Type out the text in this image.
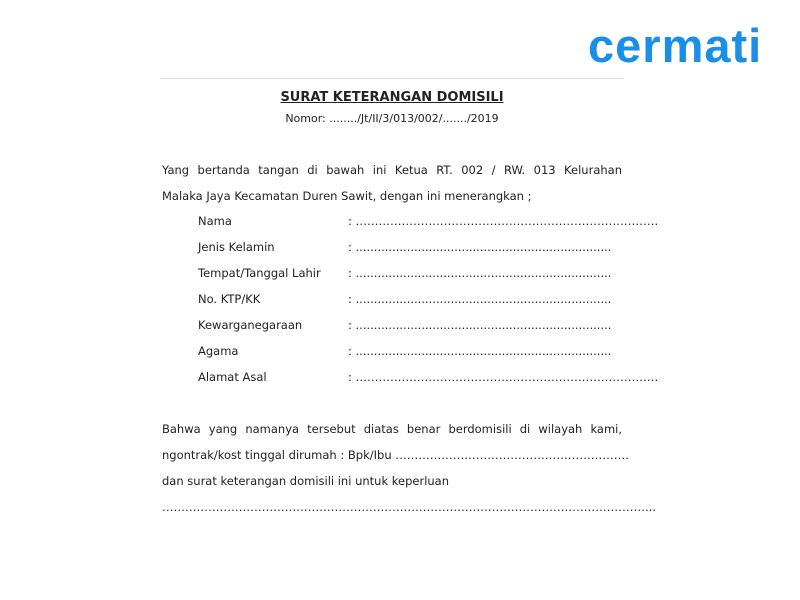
cermati
SURAT KETERANGAN DOMISILI
Nomor: ......../Jt/II/3/013/002/......./2019
Yang bertanda tangan di bawah ini Ketua RT. 002 / RW. 013 Kelurahan
Malaka Jaya Kecamatan Duren Sawit, dengan ini menerangkan ;
Nama	: …………………………………………………………………….
Jenis Kelamin	: ......................................................................
Tempat/Tanggal Lahir : ......................................................................
No. KTP/KK	: ......................................................................
Kewarganegaraan	: ......................................................................
Agama	: ......................................................................
Alamat Asal	: …………………………………………………………………….
Bahwa yang namanya tersebut diatas benar berdomisili di wilayah kami,
ngontrak/kost tinggal dirumah : Bpk/Ibu …………………………………………………….
dan surat keterangan domisili ini untuk keperluan
………………………………………………………………………………………………………………...
